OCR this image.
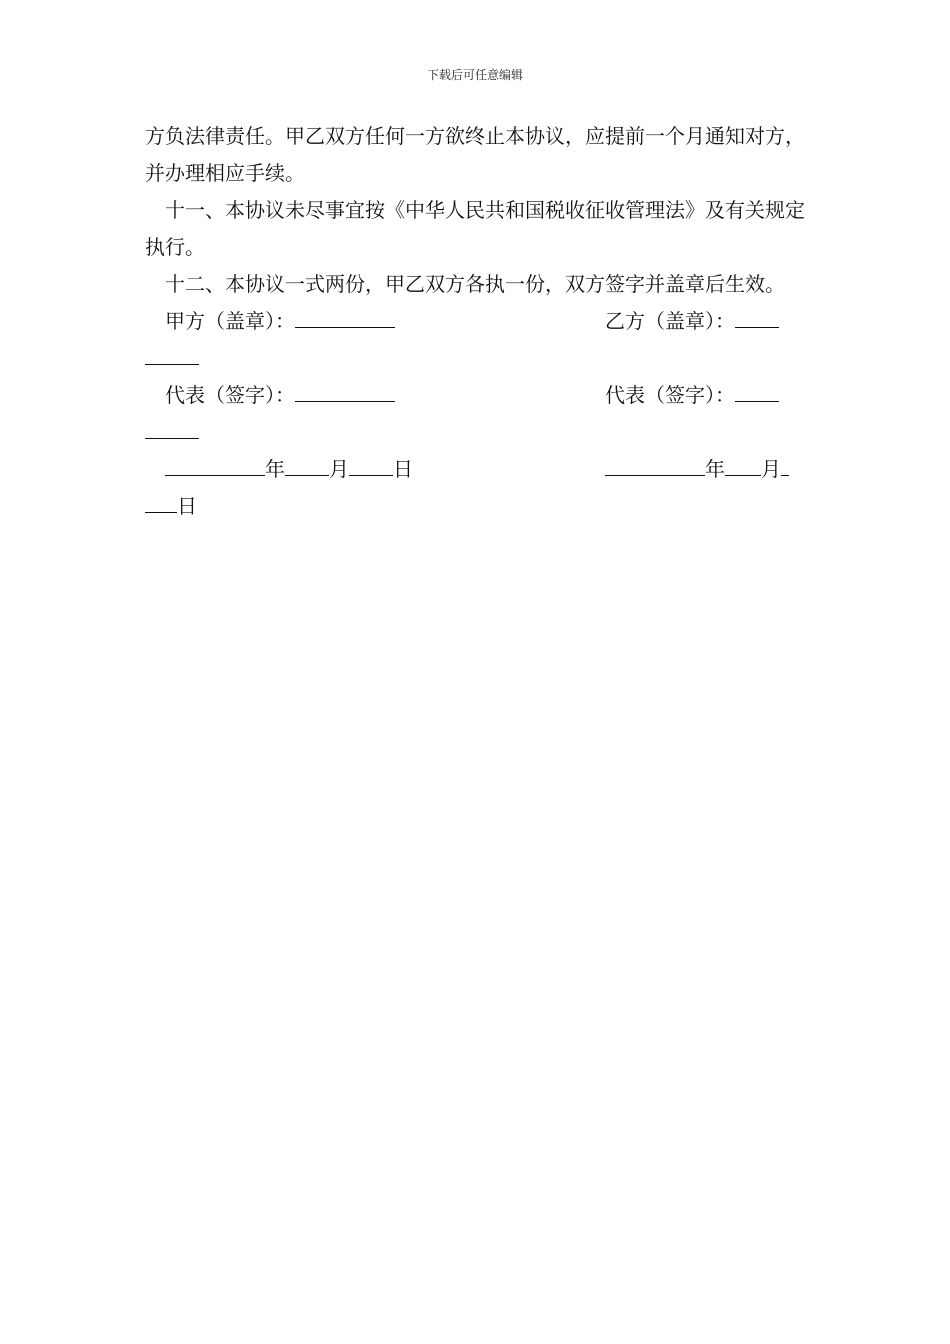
下载后可任意编辑

方负法律责任。甲乙双方任何一方欲终止本协议，应提前一个月通知对方，并办理相应手续。

十一、本协议未尽事宜按《中华人民共和国税收征收管理法》及有关规定执行。

十二、本协议一式两份，甲乙双方各执一份，双方签字并盖章后生效。

甲方（盖章）：	乙方（盖章）：
代表（签字）：	代表（签字）：
年 月 日	年 月
日
